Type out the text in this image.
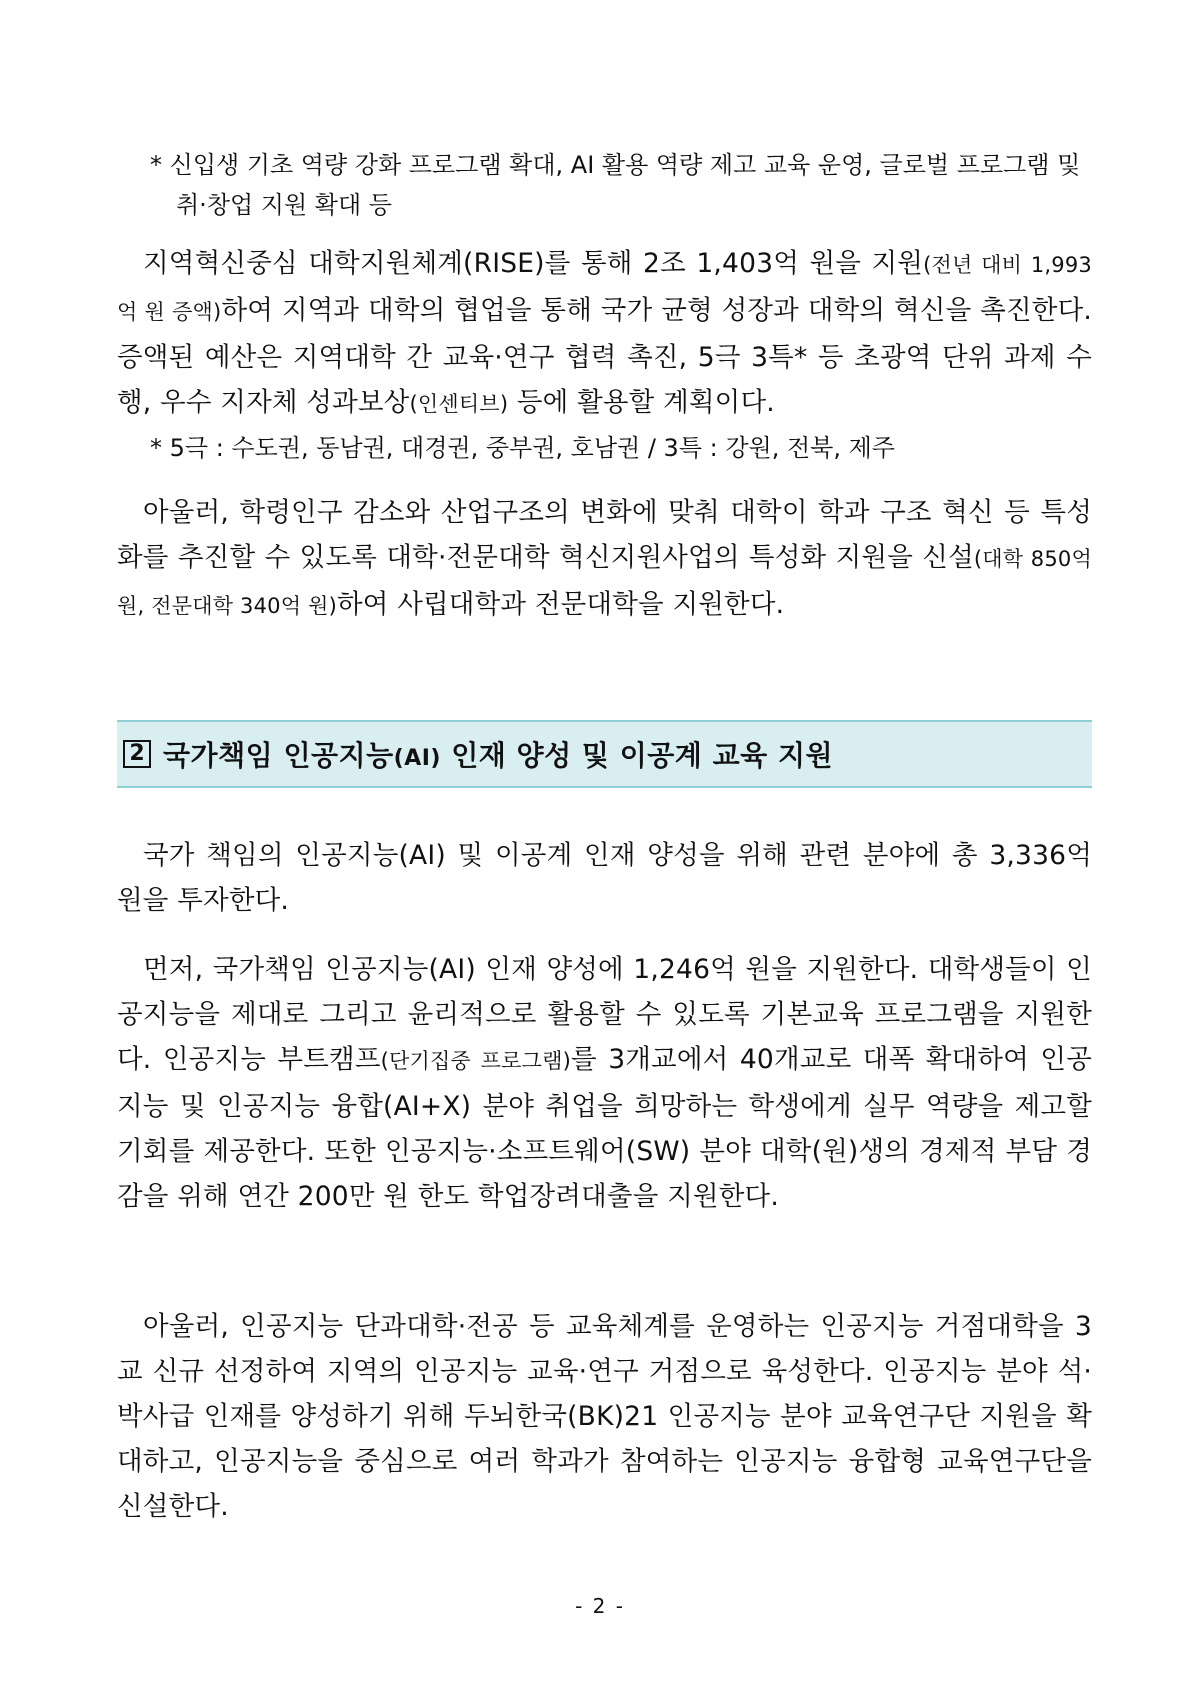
* 신입생 기초 역량 강화 프로그램 확대, AI 활용 역량 제고 교육 운영, 글로벌 프로그램 및 취·창업 지원 확대 등
지역혁신중심 대학지원체계(RISE)를 통해 2조 1,403억 원을 지원(전년 대비 1,993억 원 증액)하여 지역과 대학의 협업을 통해 국가 균형 성장과 대학의 혁신을 촉진한다. 증액된 예산은 지역대학 간 교육·연구 협력 촉진, 5극 3특* 등 초광역 단위 과제 수행, 우수 지자체 성과보상(인센티브) 등에 활용할 계획이다.
* 5극 : 수도권, 동남권, 대경권, 중부권, 호남권 / 3특 : 강원, 전북, 제주
아울러, 학령인구 감소와 산업구조의 변화에 맞춰 대학이 학과 구조 혁신 등 특성화를 추진할 수 있도록 대학·전문대학 혁신지원사업의 특성화 지원을 신설(대학 850억 원, 전문대학 340억 원)하여 사립대학과 전문대학을 지원한다.
2 국가책임 인공지능(AI) 인재 양성 및 이공계 교육 지원
국가 책임의 인공지능(AI) 및 이공계 인재 양성을 위해 관련 분야에 총 3,336억 원을 투자한다.
먼저, 국가책임 인공지능(AI) 인재 양성에 1,246억 원을 지원한다. 대학생들이 인공지능을 제대로 그리고 윤리적으로 활용할 수 있도록 기본교육 프로그램을 지원한다. 인공지능 부트캠프(단기집중 프로그램)를 3개교에서 40개교로 대폭 확대하여 인공지능 및 인공지능 융합(AI+X) 분야 취업을 희망하는 학생에게 실무 역량을 제고할 기회를 제공한다. 또한 인공지능·소프트웨어(SW) 분야 대학(원)생의 경제적 부담 경감을 위해 연간 200만 원 한도 학업장려대출을 지원한다.
아울러, 인공지능 단과대학·전공 등 교육체계를 운영하는 인공지능 거점대학을 3교 신규 선정하여 지역의 인공지능 교육·연구 거점으로 육성한다. 인공지능 분야 석·박사급 인재를 양성하기 위해 두뇌한국(BK)21 인공지능 분야 교육연구단 지원을 확대하고, 인공지능을 중심으로 여러 학과가 참여하는 인공지능 융합형 교육연구단을 신설한다.
- 2 -
